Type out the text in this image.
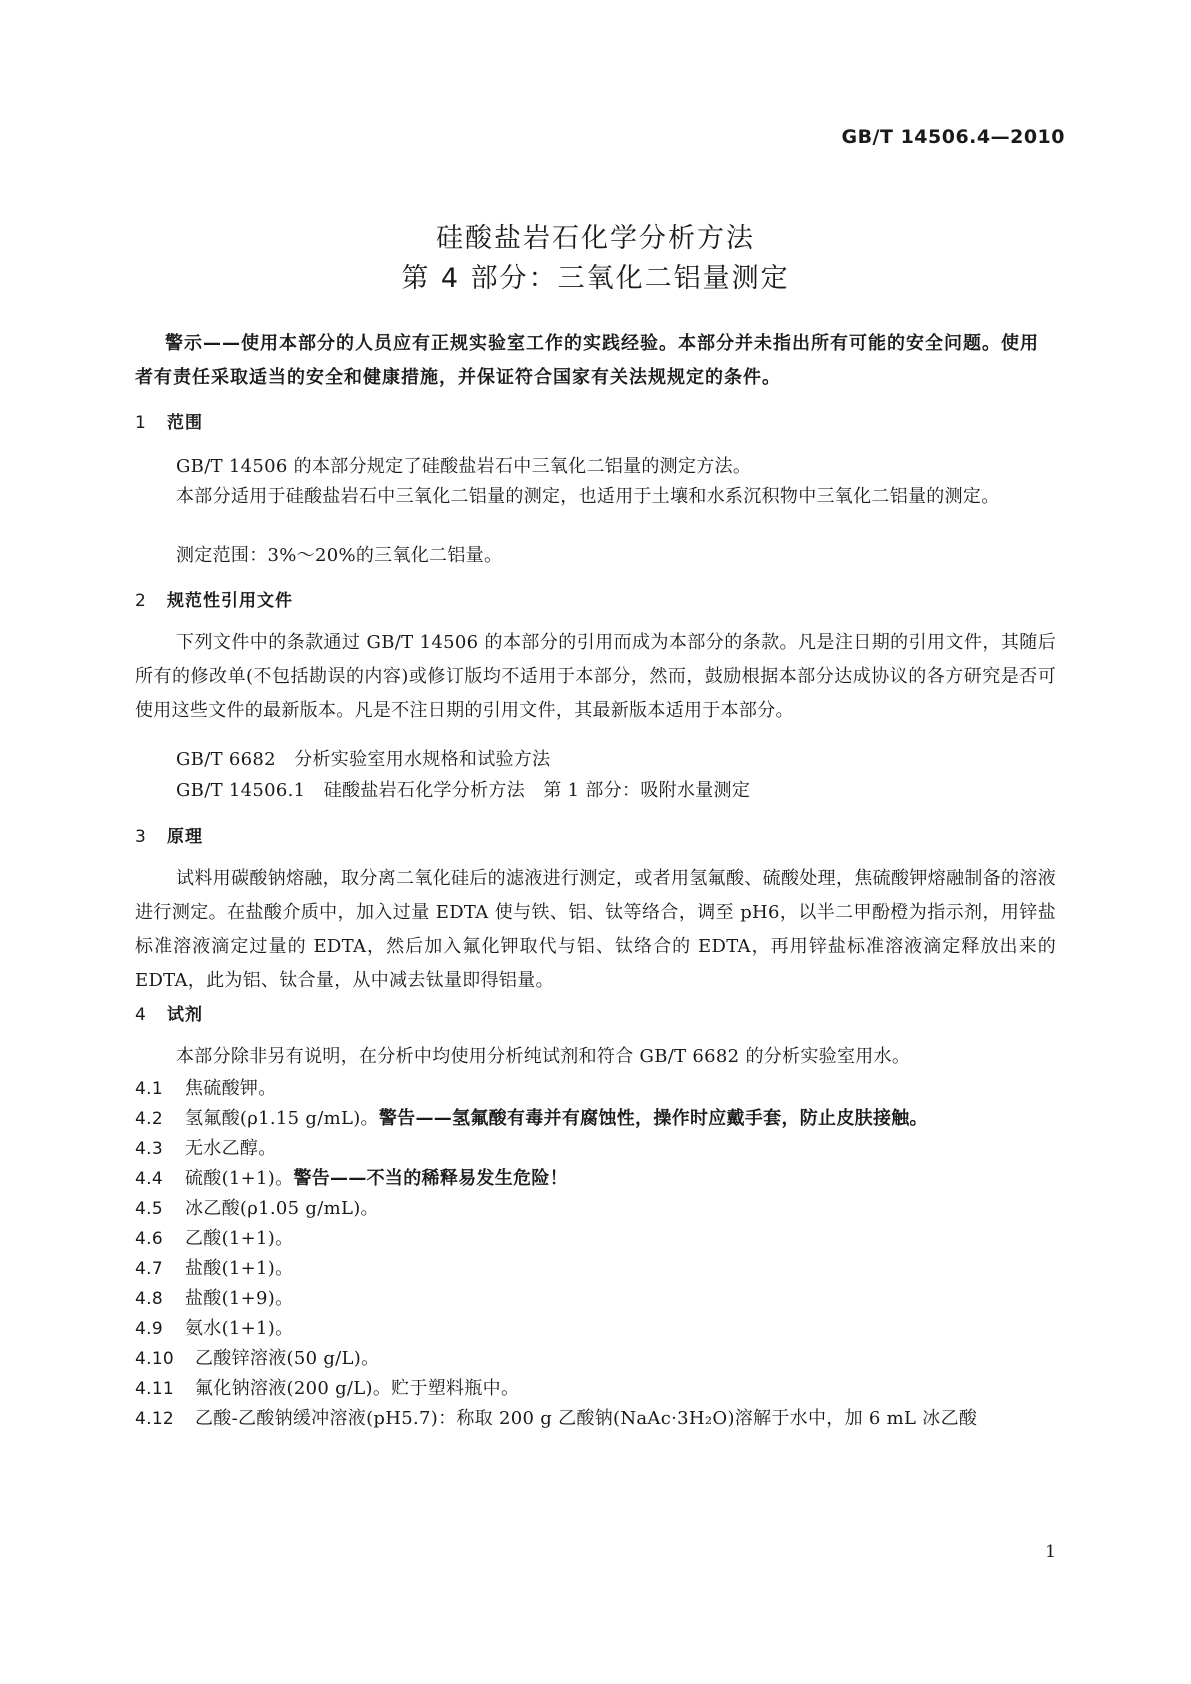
GB/T 14506.4—2010
硅酸盐岩石化学分析方法
第 4 部分：三氧化二铝量测定
警示——使用本部分的人员应有正规实验室工作的实践经验。本部分并未指出所有可能的安全问题。使用者有责任采取适当的安全和健康措施，并保证符合国家有关法规规定的条件。
1 范围
GB/T 14506 的本部分规定了硅酸盐岩石中三氧化二铝量的测定方法。
本部分适用于硅酸盐岩石中三氧化二铝量的测定，也适用于土壤和水系沉积物中三氧化二铝量的测定。
测定范围：3%～20%的三氧化二铝量。
2 规范性引用文件
下列文件中的条款通过 GB/T 14506 的本部分的引用而成为本部分的条款。凡是注日期的引用文件，其随后所有的修改单(不包括勘误的内容)或修订版均不适用于本部分，然而，鼓励根据本部分达成协议的各方研究是否可使用这些文件的最新版本。凡是不注日期的引用文件，其最新版本适用于本部分。
GB/T 6682　分析实验室用水规格和试验方法
GB/T 14506.1　硅酸盐岩石化学分析方法　第 1 部分：吸附水量测定
3 原理
试料用碳酸钠熔融，取分离二氧化硅后的滤液进行测定，或者用氢氟酸、硫酸处理，焦硫酸钾熔融制备的溶液进行测定。在盐酸介质中，加入过量 EDTA 使与铁、铝、钛等络合，调至 pH6，以半二甲酚橙为指示剂，用锌盐标准溶液滴定过量的 EDTA，然后加入氟化钾取代与铝、钛络合的 EDTA，再用锌盐标准溶液滴定释放出来的 EDTA，此为铝、钛合量，从中减去钛量即得铝量。
4 试剂
本部分除非另有说明，在分析中均使用分析纯试剂和符合 GB/T 6682 的分析实验室用水。
4.1 焦硫酸钾。
4.2 氢氟酸(ρ1.15 g/mL)。警告——氢氟酸有毒并有腐蚀性，操作时应戴手套，防止皮肤接触。
4.3 无水乙醇。
4.4 硫酸(1+1)。警告——不当的稀释易发生危险！
4.5 冰乙酸(ρ1.05 g/mL)。
4.6 乙酸(1+1)。
4.7 盐酸(1+1)。
4.8 盐酸(1+9)。
4.9 氨水(1+1)。
4.10 乙酸锌溶液(50 g/L)。
4.11 氟化钠溶液(200 g/L)。贮于塑料瓶中。
4.12 乙酸-乙酸钠缓冲溶液(pH5.7)：称取 200 g 乙酸钠(NaAc·3H₂O)溶解于水中，加 6 mL 冰乙酸
1
